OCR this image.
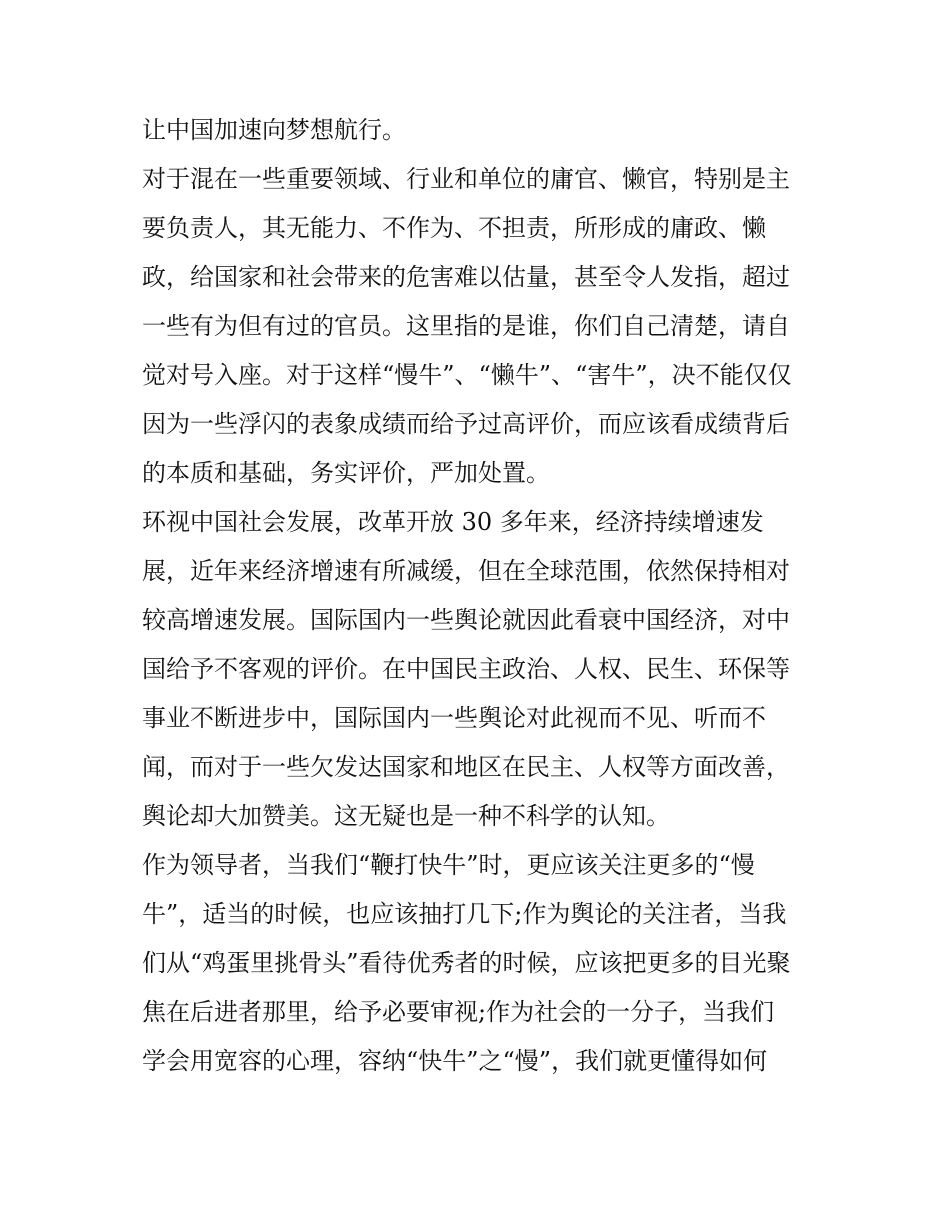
让中国加速向梦想航行。

对于混在一些重要领域、行业和单位的庸官、懒官，特别是主

要负责人，其无能力、不作为、不担责，所形成的庸政、懒

政，给国家和社会带来的危害难以估量，甚至令人发指，超过

一些有为但有过的官员。这里指的是谁，你们自己清楚，请自

觉对号入座。对于这样“慢牛”、“懒牛”、“害牛”，决不能仅仅

因为一些浮闪的表象成绩而给予过高评价，而应该看成绩背后

的本质和基础，务实评价，严加处置。

环视中国社会发展，改革开放 30 多年来，经济持续增速发

展，近年来经济增速有所减缓，但在全球范围，依然保持相对

较高增速发展。国际国内一些舆论就因此看衰中国经济，对中

国给予不客观的评价。在中国民主政治、人权、民生、环保等

事业不断进步中，国际国内一些舆论对此视而不见、听而不

闻，而对于一些欠发达国家和地区在民主、人权等方面改善，

舆论却大加赞美。这无疑也是一种不科学的认知。

作为领导者，当我们“鞭打快牛”时，更应该关注更多的“慢

牛”，适当的时候，也应该抽打几下;作为舆论的关注者，当我

们从“鸡蛋里挑骨头”看待优秀者的时候，应该把更多的目光聚

焦在后进者那里，给予必要审视;作为社会的一分子，当我们

学会用宽容的心理，容纳“快牛”之“慢”，我们就更懂得如何
